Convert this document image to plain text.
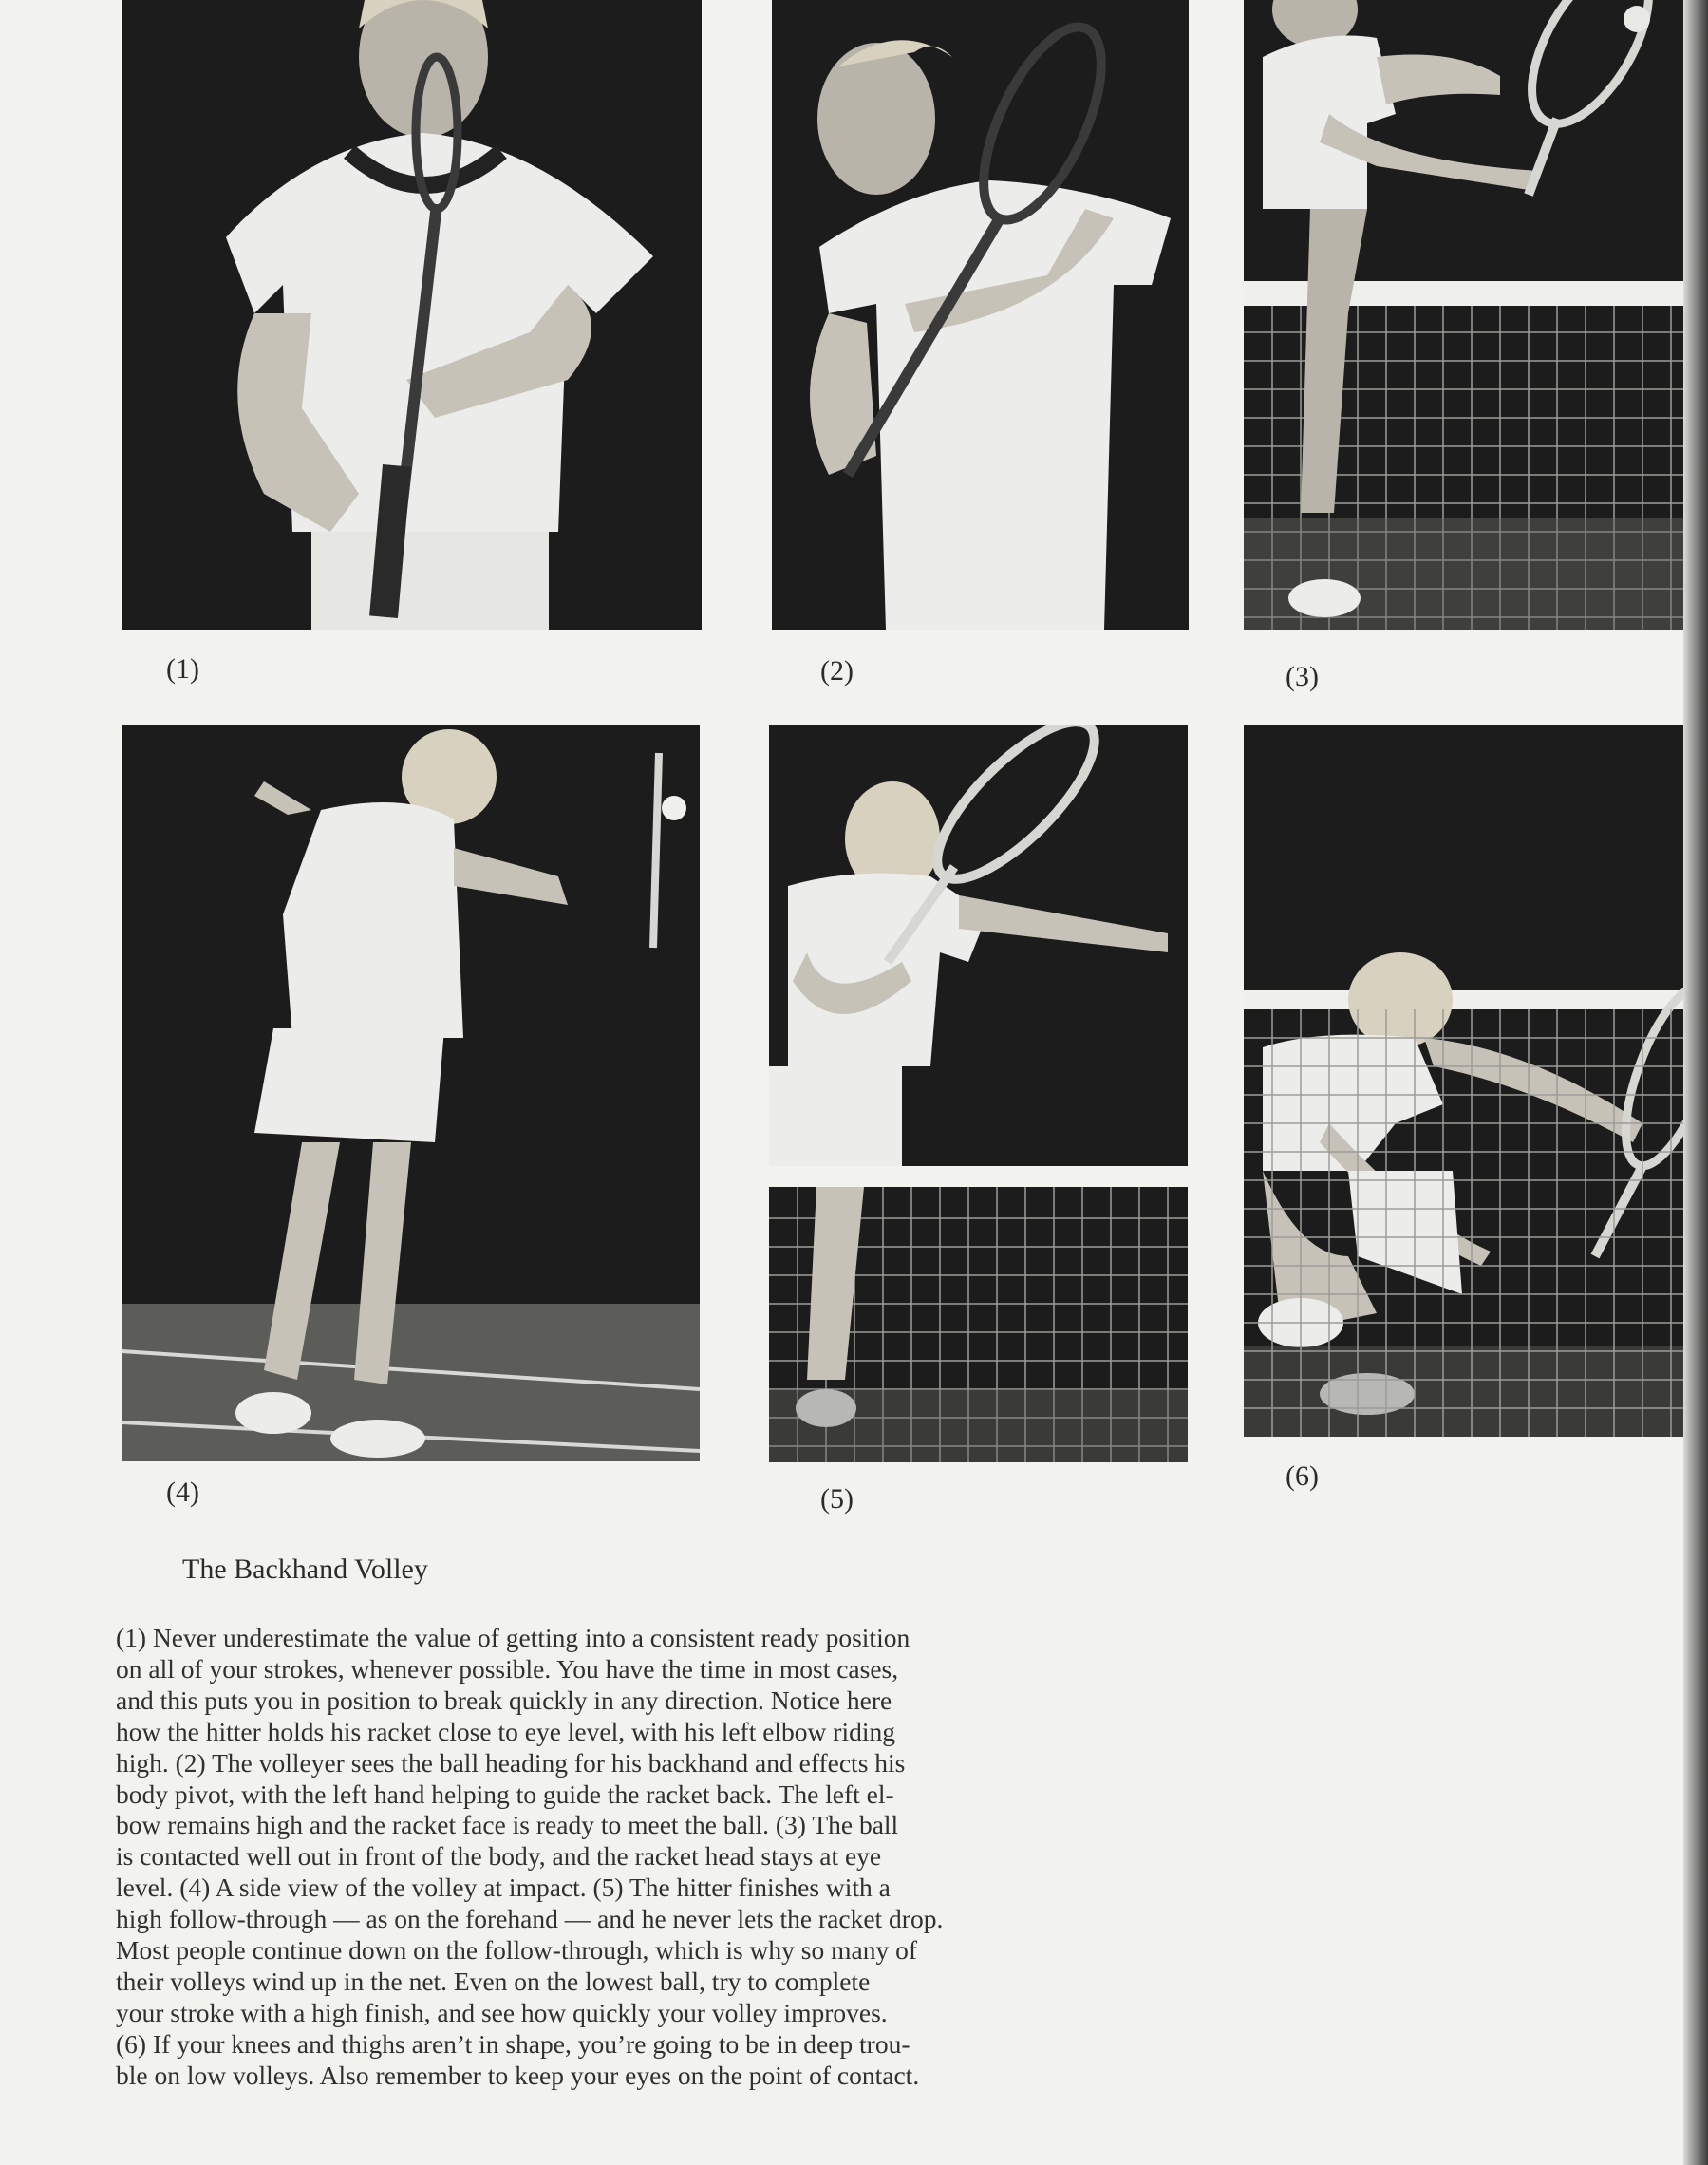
(1)	(2)	(3)
(4)	(5)
(6)
The Backhand Volley

(1) Never underestimate the value of getting into a consistent ready position
on all of your strokes, whenever possible. You have the time in most cases,
and this puts you in position to break quickly in any direction. Notice here
how the hitter holds his racket close to eye level, with his left elbow riding
high. (2) The volleyer sees the ball heading for his backhand and effects his
body pivot, with the left hand helping to guide the racket back. The left el-
bow remains high and the racket face is ready to meet the ball. (3) The ball
is contacted well out in front of the body, and the racket head stays at eye
level. (4) A side view of the volley at impact. (5) The hitter finishes with a
high follow-through — as on the forehand — and he never lets the racket drop.
Most people continue down on the follow-through, which is why so many of
their volleys wind up in the net. Even on the lowest ball, try to complete
your stroke with a high finish, and see how quickly your volley improves.
(6) If your knees and thighs aren’t in shape, you’re going to be in deep trou-
ble on low volleys. Also remember to keep your eyes on the point of contact.
